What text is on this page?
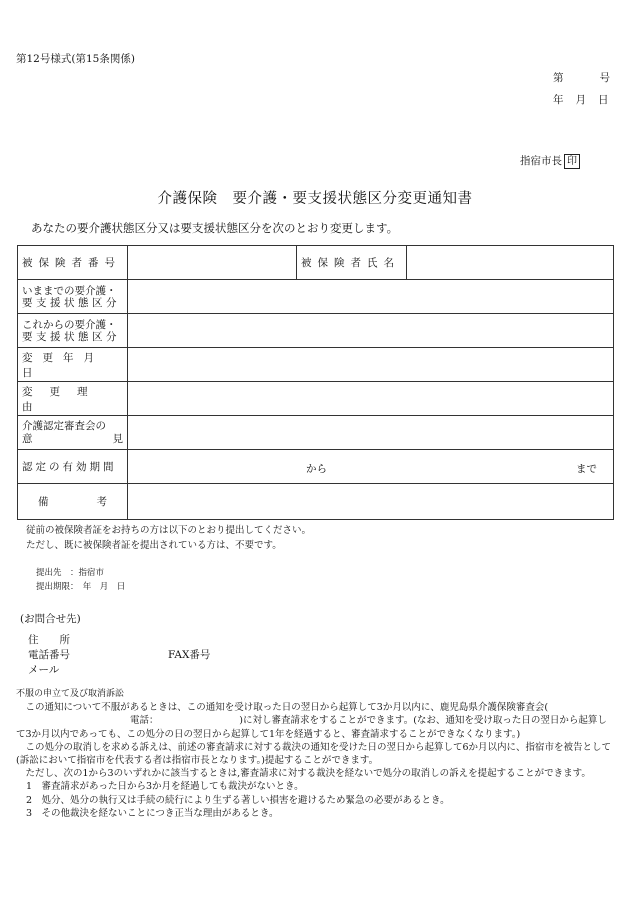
第12号様式(第15条関係)
第	号
年 月 日
指宿市長 印
介護保険　要介護・要支援状態区分変更通知書
あなたの要介護状態区分又は要支援状態区分を次のとおり変更します。
被保険者番号		被保険者氏名	

いままでの要介護・
要支援状態区分			

これからの要介護・
要支援状態区分			

変更年月日			
変更理由			

介護認定審査会の
意 見			

認定の有効期間	から まで		

備 考			

従前の被保険者証をお持ちの方は以下のとおり提出してください。
ただし、既に被保険者証を提出されている方は、不要です。
提出先　：指宿市
提出期限：　年　月　日
(お問合せ先)
住　　所
電話番号	FAX番号
メール

不服の申立て及び取消訴訟

　この通知について不服があるときは、この通知を受け取った日の翌日から起算して3か月以内に、鹿児島県介護保険審査会(

　　　　　　　　　　　　電話：　　　　　　　　　)に対し審査請求をすることができます。(なお、通知を受け取った日の翌日から起算して3か月以内であっても、この処分の日の翌日から起算して1年を経過すると、審査請求することができなくなります。)

　この処分の取消しを求める訴えは、前述の審査請求に対する裁決の通知を受けた日の翌日から起算して6か月以内に、指宿市を被告として(訴訟において指宿市を代表する者は指宿市長となります。)提起することができます。

　ただし、次の1から3のいずれかに該当するときは,審査請求に対する裁決を経ないで処分の取消しの訴えを提起することができます。

1　審査請求があった日から3か月を経過しても裁決がないとき。

2　処分、処分の執行又は手続の続行により生ずる著しい損害を避けるため緊急の必要があるとき。

3　その他裁決を経ないことにつき正当な理由があるとき。
